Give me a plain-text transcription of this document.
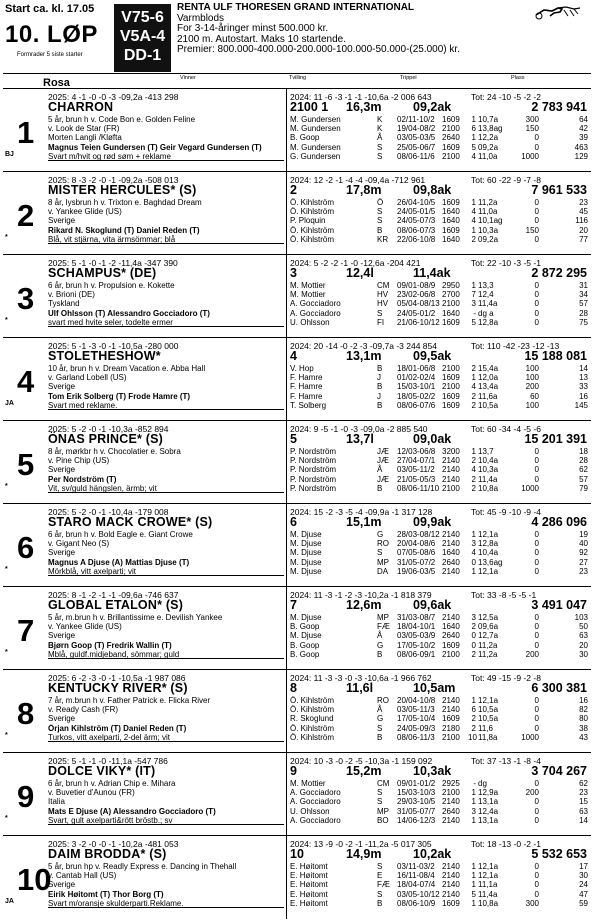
Start ca. kl. 17.05
10. LØP
Formrader 5 siste starter
V75-6
V5A-4
DD-1
RENTA ULF THORESEN GRAND INTERNATIONAL
Varmblods
For 3-14-åringer minst 500.000 kr.
2100 m. Autostart. Maks 10 startende.
Premier: 800.000-400.000-200.000-100.000-50.000-(25.000) kr.
Rosa	Vinner	Tvilling	Trippel	Plass
2025: 4 -1 -0 -0 -3 -09,2a -413 298	2024: 11 -6 -3 -1 -1 -10,6a -2 006 643	Tot: 24 -10 -5 -2 -2
1
BJ
CHARRON
5 år, brun h v. Code Bon e. Golden Feline
v. Look de Star (FR)
Morten Langli /Kløfta
Magnus Teien Gundersen (T) Geir Vegard Gundersen (T)
Svart m/hvit og rød søm + reklame
2100 1 16,3m	09,2ak	2 783 941
M. Gundersen	K 02/11-10/2 1609	1 10,7a	300	64
M. Gundersen	K 19/04-08/2 2100	6 13,8ag	150	42
B. Goop	Å 03/05-03/5 2640	1 12,2a	0	39
M. Gundersen	S 25/05-06/7 1609	5 09,2a	0	463
G. Gundersen	S 08/06-11/6 2100	4 11,0a	1000	129
2025: 8 -3 -2 -0 -1 -09,2a -508 013	2024: 12 -2 -1 -4 -4 -09,4a -712 961	Tot: 60 -22 -9 -7 -8
2
*
MISTER HERCULES* (S)
8 år, lysbrun h v. Trixton e. Baghdad Dream
v. Yankee Glide (US)
Sverige
Rikard N. Skoglund (T) Daniel Reden (T)
Blå, vit stjärna, vita ärmsömmar; blå
2	17,8m	09,8ak	7 961 533
Ö. Kihlström	Ö 26/04-10/5 1609	1 11,2a	0	23
Ö. Kihlström	S 24/05-01/5 1640	4 11,0a	0	45
P. Ploquin	S 24/05-07/3 1640	4 10,1ag	0	116
Ö. Kihlström	B 08/06-07/3 1609	1 10,3a	150	20
Ö. Kihlström	KR 22/06-10/8 1640	2 09,2a	0	77
2025: 5 -1 -0 -1 -2 -11,4a -347 390	2024: 5 -2 -2 -1 -0 -12,6a -204 421	Tot: 22 -10 -3 -5 -1
3
*
SCHAMPUS* (DE)
6 år, brun h v. Propulsion e. Kokette
v. Brioni (DE)
Tyskland
Ulf Ohlsson (T) Alessandro Gocciadoro (T)
svart med hvite seler, todelte ermer
3	12,4l	11,4ak	2 872 295
M. Mottier	CM 09/01-08/9 2950	1 13,3	0	31
M. Mottier	HV 23/02-06/8 2700	7 12,4	0	34
A. Gocciadoro	HV 05/04-08/13 2100	3 11,4a	0	57
A. Gocciadoro	S 24/05-01/2 1640	- dg a	0	28
U. Ohlsson	FI 21/06-10/12 1609	5 12,8a	0	75
2025: 5 -1 -3 -0 -1 -10,5a -280 000	2024: 20 -14 -0 -2 -3 -09,7a -3 244 854	Tot: 110 -42 -23 -12 -13
4
JA
STOLETHESHOW*
10 år, brun h v. Dream Vacation e. Abba Hall
v. Garland Lobell (US)
Sverige
Tom Erik Solberg (T) Frode Hamre (T)
Svart med reklame.
4	13,1m	09,5ak	15 188 081
V. Hop	B 18/01-06/8 2100	2 15,4a	100	14
F. Hamre	J 01/02-02/4 1609	1 12,0a	100	13
F. Hamre	B 15/03-10/1 2100	4 13,4a	200	33
F. Hamre	J 18/05-02/2 1609	2 11,6a	60	16
T. Solberg	B 08/06-07/6 1609	2 10,5a	100	145
2025: 5 -2 -0 -1 -10,3a -852 894	2024: 9 -5 -1 -0 -3 -09,0a -2 885 540	Tot: 60 -34 -4 -5 -6
5
*
ÖNAS PRINCE* (S)
8 år, mørkbr h v. Chocolatier e. Sobra
v. Pine Chip (US)
Sverige
Per Nordström (T)
Vit, sv/guld hängslen, ärmb; vit
5	13,7l	09,0ak	15 201 391
P. Nordström	JÆ 12/03-06/8 3200	1 13,7	0	18
P. Nordström	JÆ 27/04-07/1 2140	2 10,4a	0	28
P. Nordström	Å 03/05-11/2 2140	4 10,3a	0	62
P. Nordström	JÆ 21/05-05/3 2140	2 11,4a	0	57
P. Nordström	B 08/06-11/10 2100	2 10,8a	1000	79
2025: 5 -2 -0 -1 -10,4a -179 008	2024: 15 -2 -3 -5 -4 -09,9a -1 317 128	Tot: 45 -9 -10 -9 -4
6
*
STARO MACK CROWE* (S)
6 år, brun h v. Bold Eagle e. Giant Crowe
v. Gigant Neo (S)
Sverige
Magnus A Djuse (A) Mattias Djuse (T)
Mörkblå, vitt axelparti; vit
6	15,1m	09,9ak	4 286 096
M. Djuse	G 28/03-08/12 2140	1 12,1a	0	19
M. Djuse	RO 20/04-08/6 2140	3 12,8a	0	40
M. Djuse	S 07/05-08/6 1640	4 10,4a	0	92
M. Djuse	MP 31/05-07/2 2640	0 13,6ag	0	27
M. Djuse	DA 19/06-03/5 2140	1 12,1a	0	23
2025: 8 -1 -2 -1 -1 -09,6a -746 637	2024: 11 -3 -1 -2 -3 -10,2a -1 818 379	Tot: 33 -8 -5 -5 -1
7
*
GLOBAL ETALON* (S)
5 år, m.brun h v. Brillantissime e. Devilish Yankee
v. Yankee Glide (US)
Sverige
Bjørn Goop (T) Fredrik Wallin (T)
Mblå, guldf.midjeband, sömmar; guld
7	12,6m	09,6ak	3 491 047
M. Djuse	MP 31/03-08/7 2140	3 12,5a	0	103
B. Goop	FÆ 18/04-10/1 1640	2 09,6a	0	50
M. Djuse	Å 03/05-03/9 2640	0 12,7a	0	63
B. Goop	G 17/05-10/2 1609	0 11,2a	0	20
B. Goop	B 08/06-09/1 2100	2 11,2a	200	30
2025: 6 -2 -3 -0 -1 -10,5a -1 987 086	2024: 11 -3 -3 -0 -3 -10,6a -1 966 762	Tot: 49 -15 -9 -2 -8
8
*
KENTUCKY RIVER* (S)
7 år, m.brun h v. Father Patrick e. Flicka River
v. Ready Cash (FR)
Sverige
Örjan Kihlström (T) Daniel Reden (T)
Turkos, vitt axelparti, 2-del ärm; vit
8	11,6l	10,5am	6 300 381
Ö. Kihlström	RO 20/04-10/8 2140	1 12,1a	0	16
Ö. Kihlström	Å 03/05-11/3 2140	6 10,5a	0	82
R. Skoglund	G 17/05-10/4 1609	2 10,5a	0	80
Ö. Kihlström	S 24/05-09/3 2180	2 11,6	0	38
Ö. Kihlström	B 08/06-11/3 2100 10 11,8a	1000	43
2025: 5 -1 -1 -0 -11,1a -547 786	2024: 10 -3 -0 -2 -5 -10,3a -1 159 092	Tot: 37 -13 -1 -8 -4
9
*
DOLCE VIKY* (IT)
6 år, brun h v. Adrian Chip e. Mihara
v. Buvetier d'Aunou (FR)
Italia
Mats E Djuse (A) Alessandro Gocciadoro (T)
Svart, gult axelparti&rött bröstb.; sv
9	15,2m	10,3ak	3 704 267
M. Mottier	CM 09/01-01/2 2925	- dg	0	62
A. Gocciadoro	S 15/03-10/3 2100	1 12,9a	200	23
A. Gocciadoro	S 29/03-10/5 2140	1 13,1a	0	15
U. Ohlsson	MP 31/05-07/7 2640	3 12,4a	0	63
A. Gocciadoro	BO 14/06-12/3 2140	1 13,1a	0	14
2025: 3 -2 -0 -0 -1 -10,2a -481 053	2024: 13 -9 -0 -2 -1 -11,2a -5 017 305	Tot: 18 -13 -0 -2 -1
10
JA
DAIM BRODDA* (S)
5 år, brun hp v. Readly Express e. Dancing in Thehall
v. Cantab Hall (US)
Sverige
Eirik Høitomt (T) Thor Borg (T)
Svart m/oransje skulderparti.Reklame.
10	14,9m	10,2ak	5 532 653
E. Høitomt	S 03/11-03/2 2140	1 12,1a	0	17
E. Høitomt	E 16/11-08/4 2140	1 12,1a	0	30
E. Høitomt	FÆ 18/04-07/4 2140	1 11,1a	0	24
E. Høitomt	S 03/05-10/12 2140	5 11,4a	0	47
E. Høitomt	B 08/06-10/9 1609	1 10,8a	300	59
